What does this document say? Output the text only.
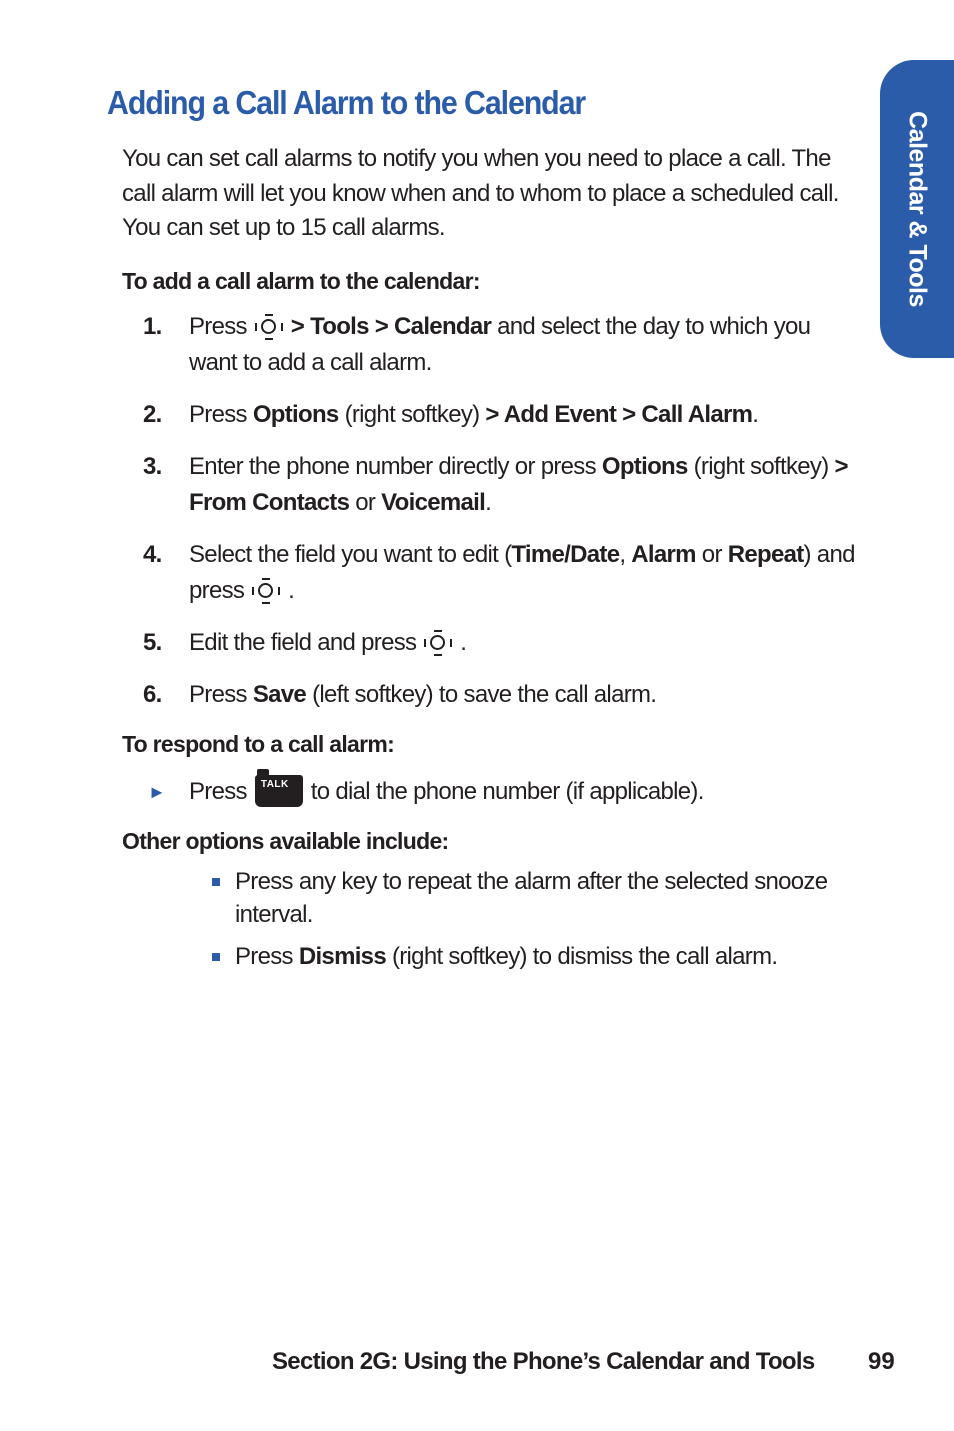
Calendar & Tools
Adding a Call Alarm to the Calendar

You can set call alarms to notify you when you need to place a call. The call alarm will let you know when and to whom to place a scheduled call. You can set up to 15 call alarms.

To add a call alarm to the calendar:

1. Press > Tools > Calendar and select the day to which you want to add a call alarm.
2. Press Options (right softkey) > Add Event > Call Alarm.
3. Enter the phone number directly or press Options (right softkey) > From Contacts or Voicemail.
4. Select the field you want to edit (Time/Date, Alarm or Repeat) and press .
5. Edit the field and press .
6. Press Save (left softkey) to save the call alarm.

To respond to a call alarm:

► Press TALK to dial the phone number (if applicable).

Other options available include:

Press any key to repeat the alarm after the selected snooze interval.
Press Dismiss (right softkey) to dismiss the call alarm.
Section 2G: Using the Phone’s Calendar and Tools 99
